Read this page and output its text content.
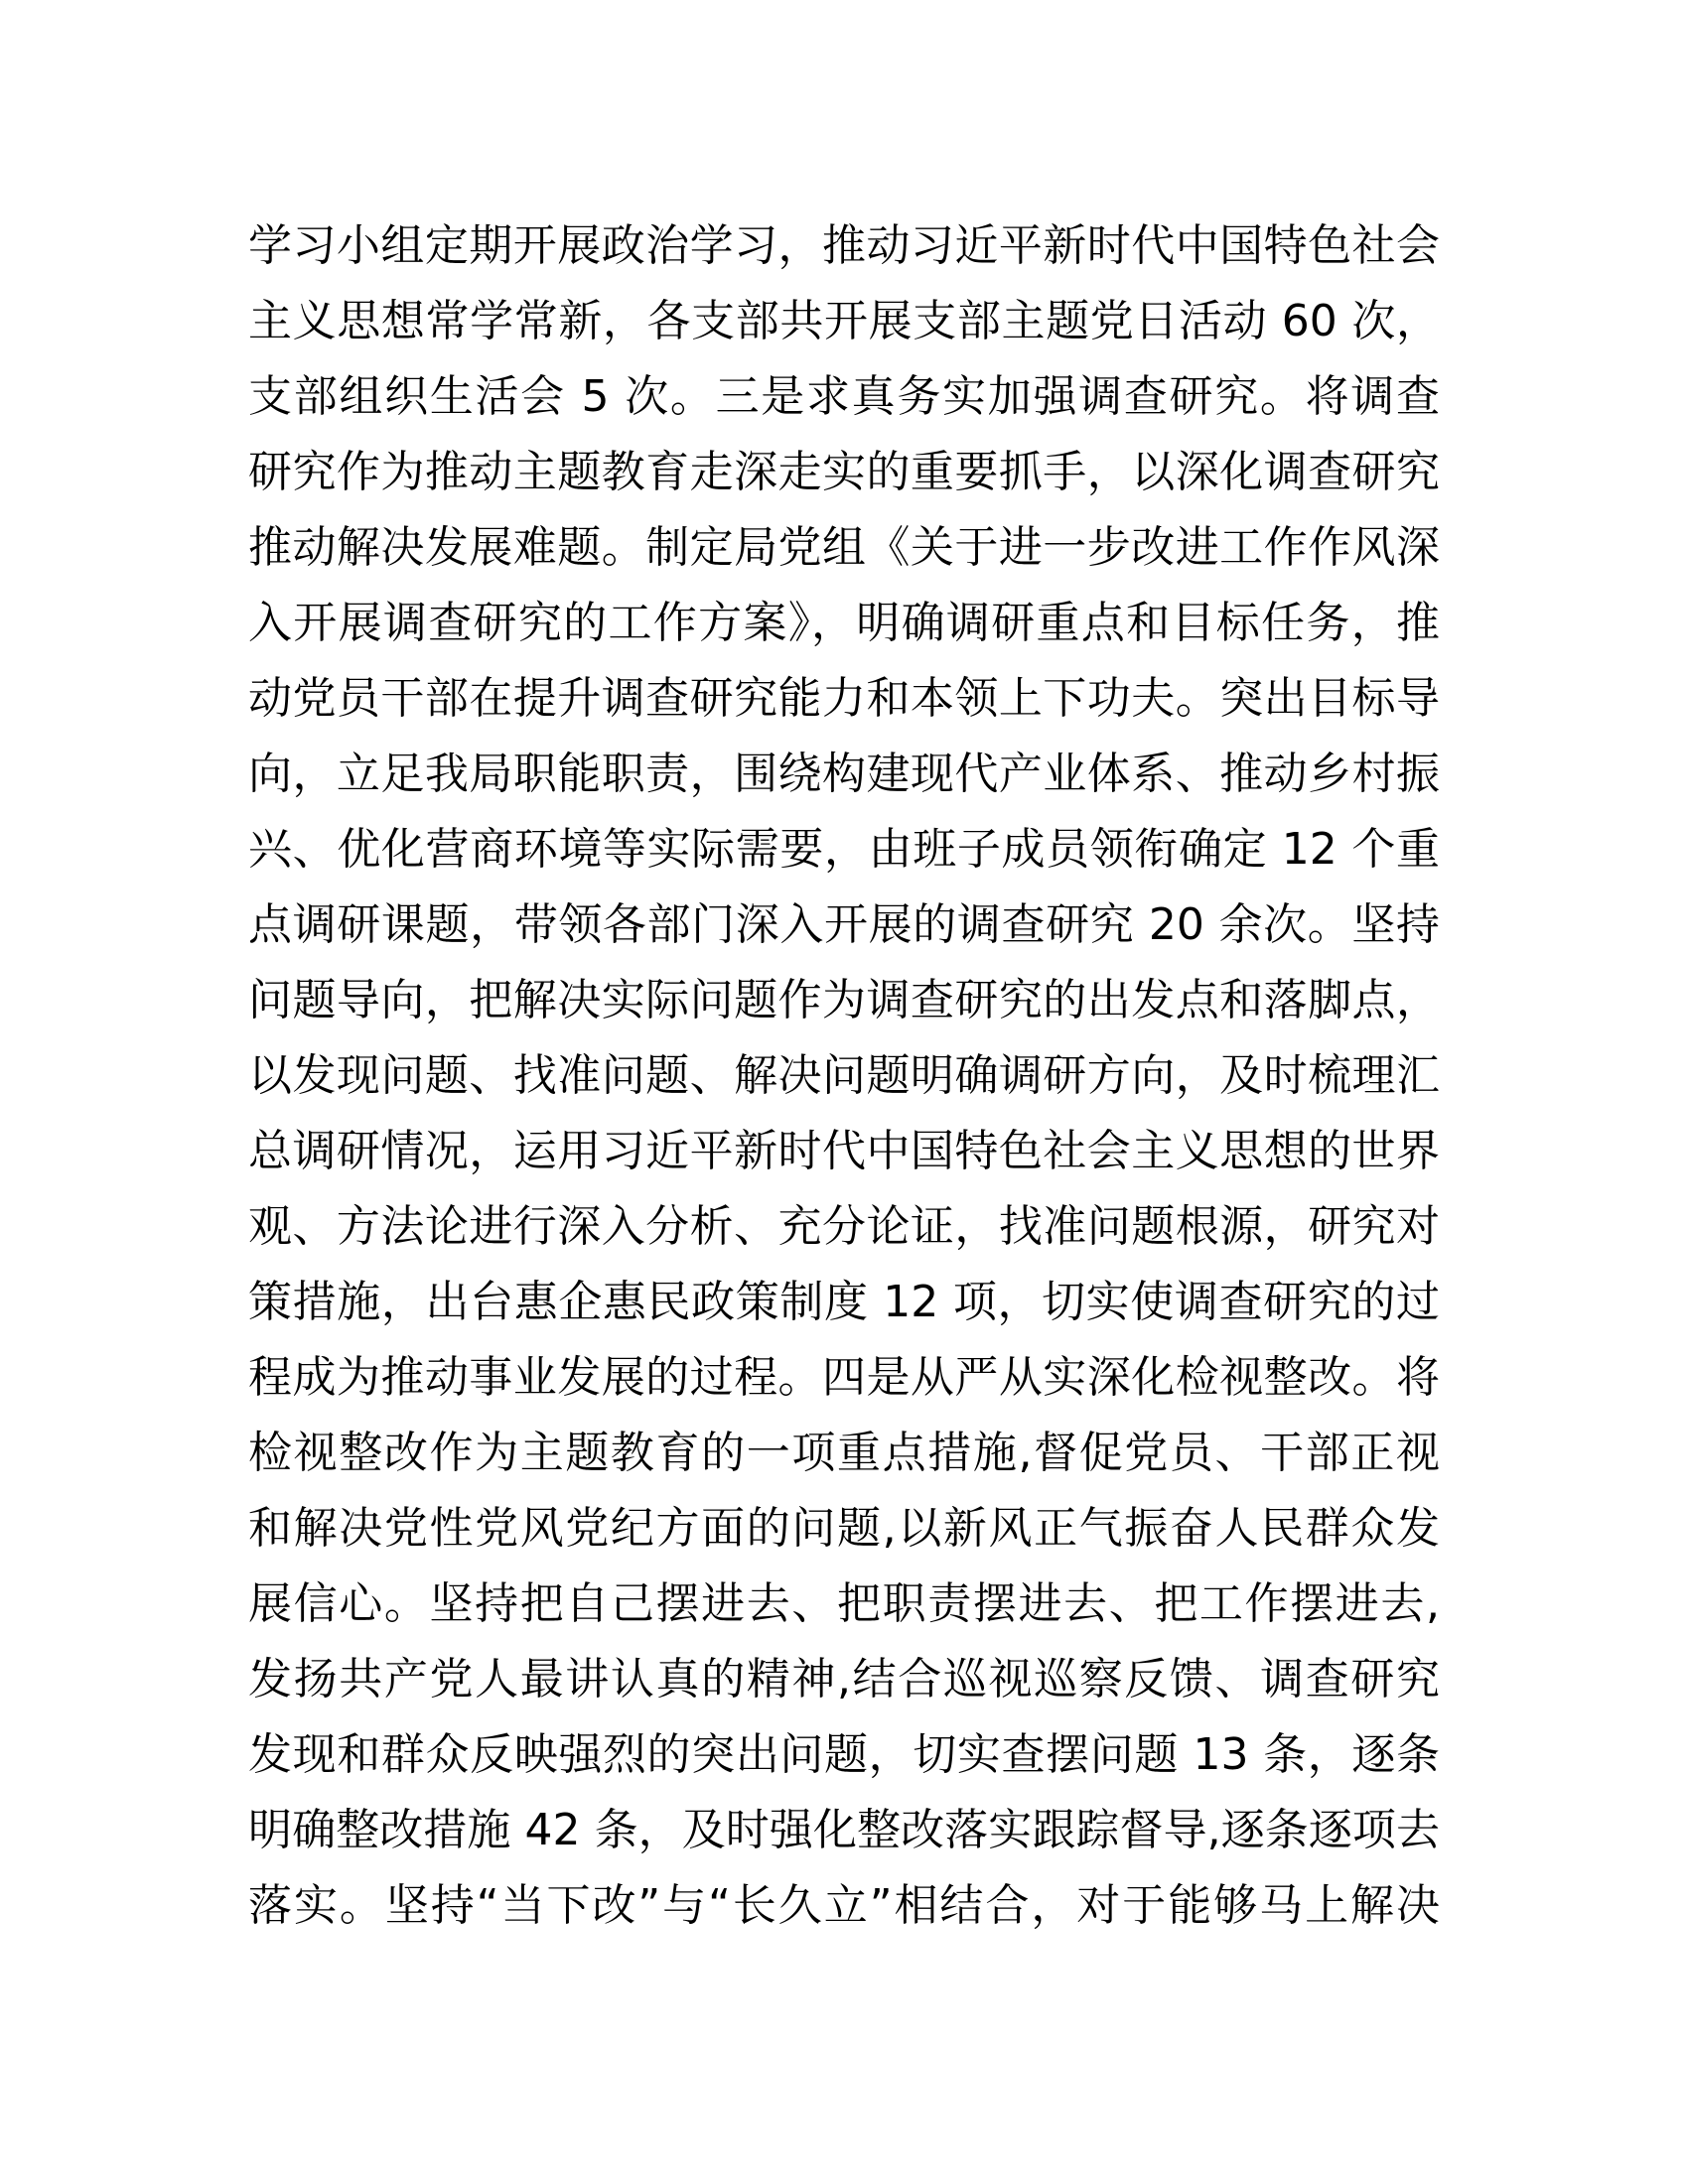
学习小组定期开展政治学习，推动习近平新时代中国特色社会
主义思想常学常新，各支部共开展支部主题党日活动 60 次，
支部组织生活会 5 次。三是求真务实加强调查研究。将调查
研究作为推动主题教育走深走实的重要抓手，以深化调查研究
推动解决发展难题。制定局党组《关于进一步改进工作作风深
入开展调查研究的工作方案》，明确调研重点和目标任务，推
动党员干部在提升调查研究能力和本领上下功夫。突出目标导
向，立足我局职能职责，围绕构建现代产业体系、推动乡村振
兴、优化营商环境等实际需要，由班子成员领衔确定 12 个重
点调研课题，带领各部门深入开展的调查研究 20 余次。坚持
问题导向，把解决实际问题作为调查研究的出发点和落脚点，
以发现问题、找准问题、解决问题明确调研方向，及时梳理汇
总调研情况，运用习近平新时代中国特色社会主义思想的世界
观、方法论进行深入分析、充分论证，找准问题根源，研究对
策措施，出台惠企惠民政策制度 12 项，切实使调查研究的过
程成为推动事业发展的过程。四是从严从实深化检视整改。将
检视整改作为主题教育的一项重点措施,督促党员、干部正视
和解决党性党风党纪方面的问题,以新风正气振奋人民群众发
展信心。坚持把自己摆进去、把职责摆进去、把工作摆进去,
发扬共产党人最讲认真的精神,结合巡视巡察反馈、调查研究
发现和群众反映强烈的突出问题，切实查摆问题 13 条，逐条
明确整改措施 42 条，及时强化整改落实跟踪督导,逐条逐项去
落实。坚持“当下改”与“长久立”相结合，对于能够马上解决
